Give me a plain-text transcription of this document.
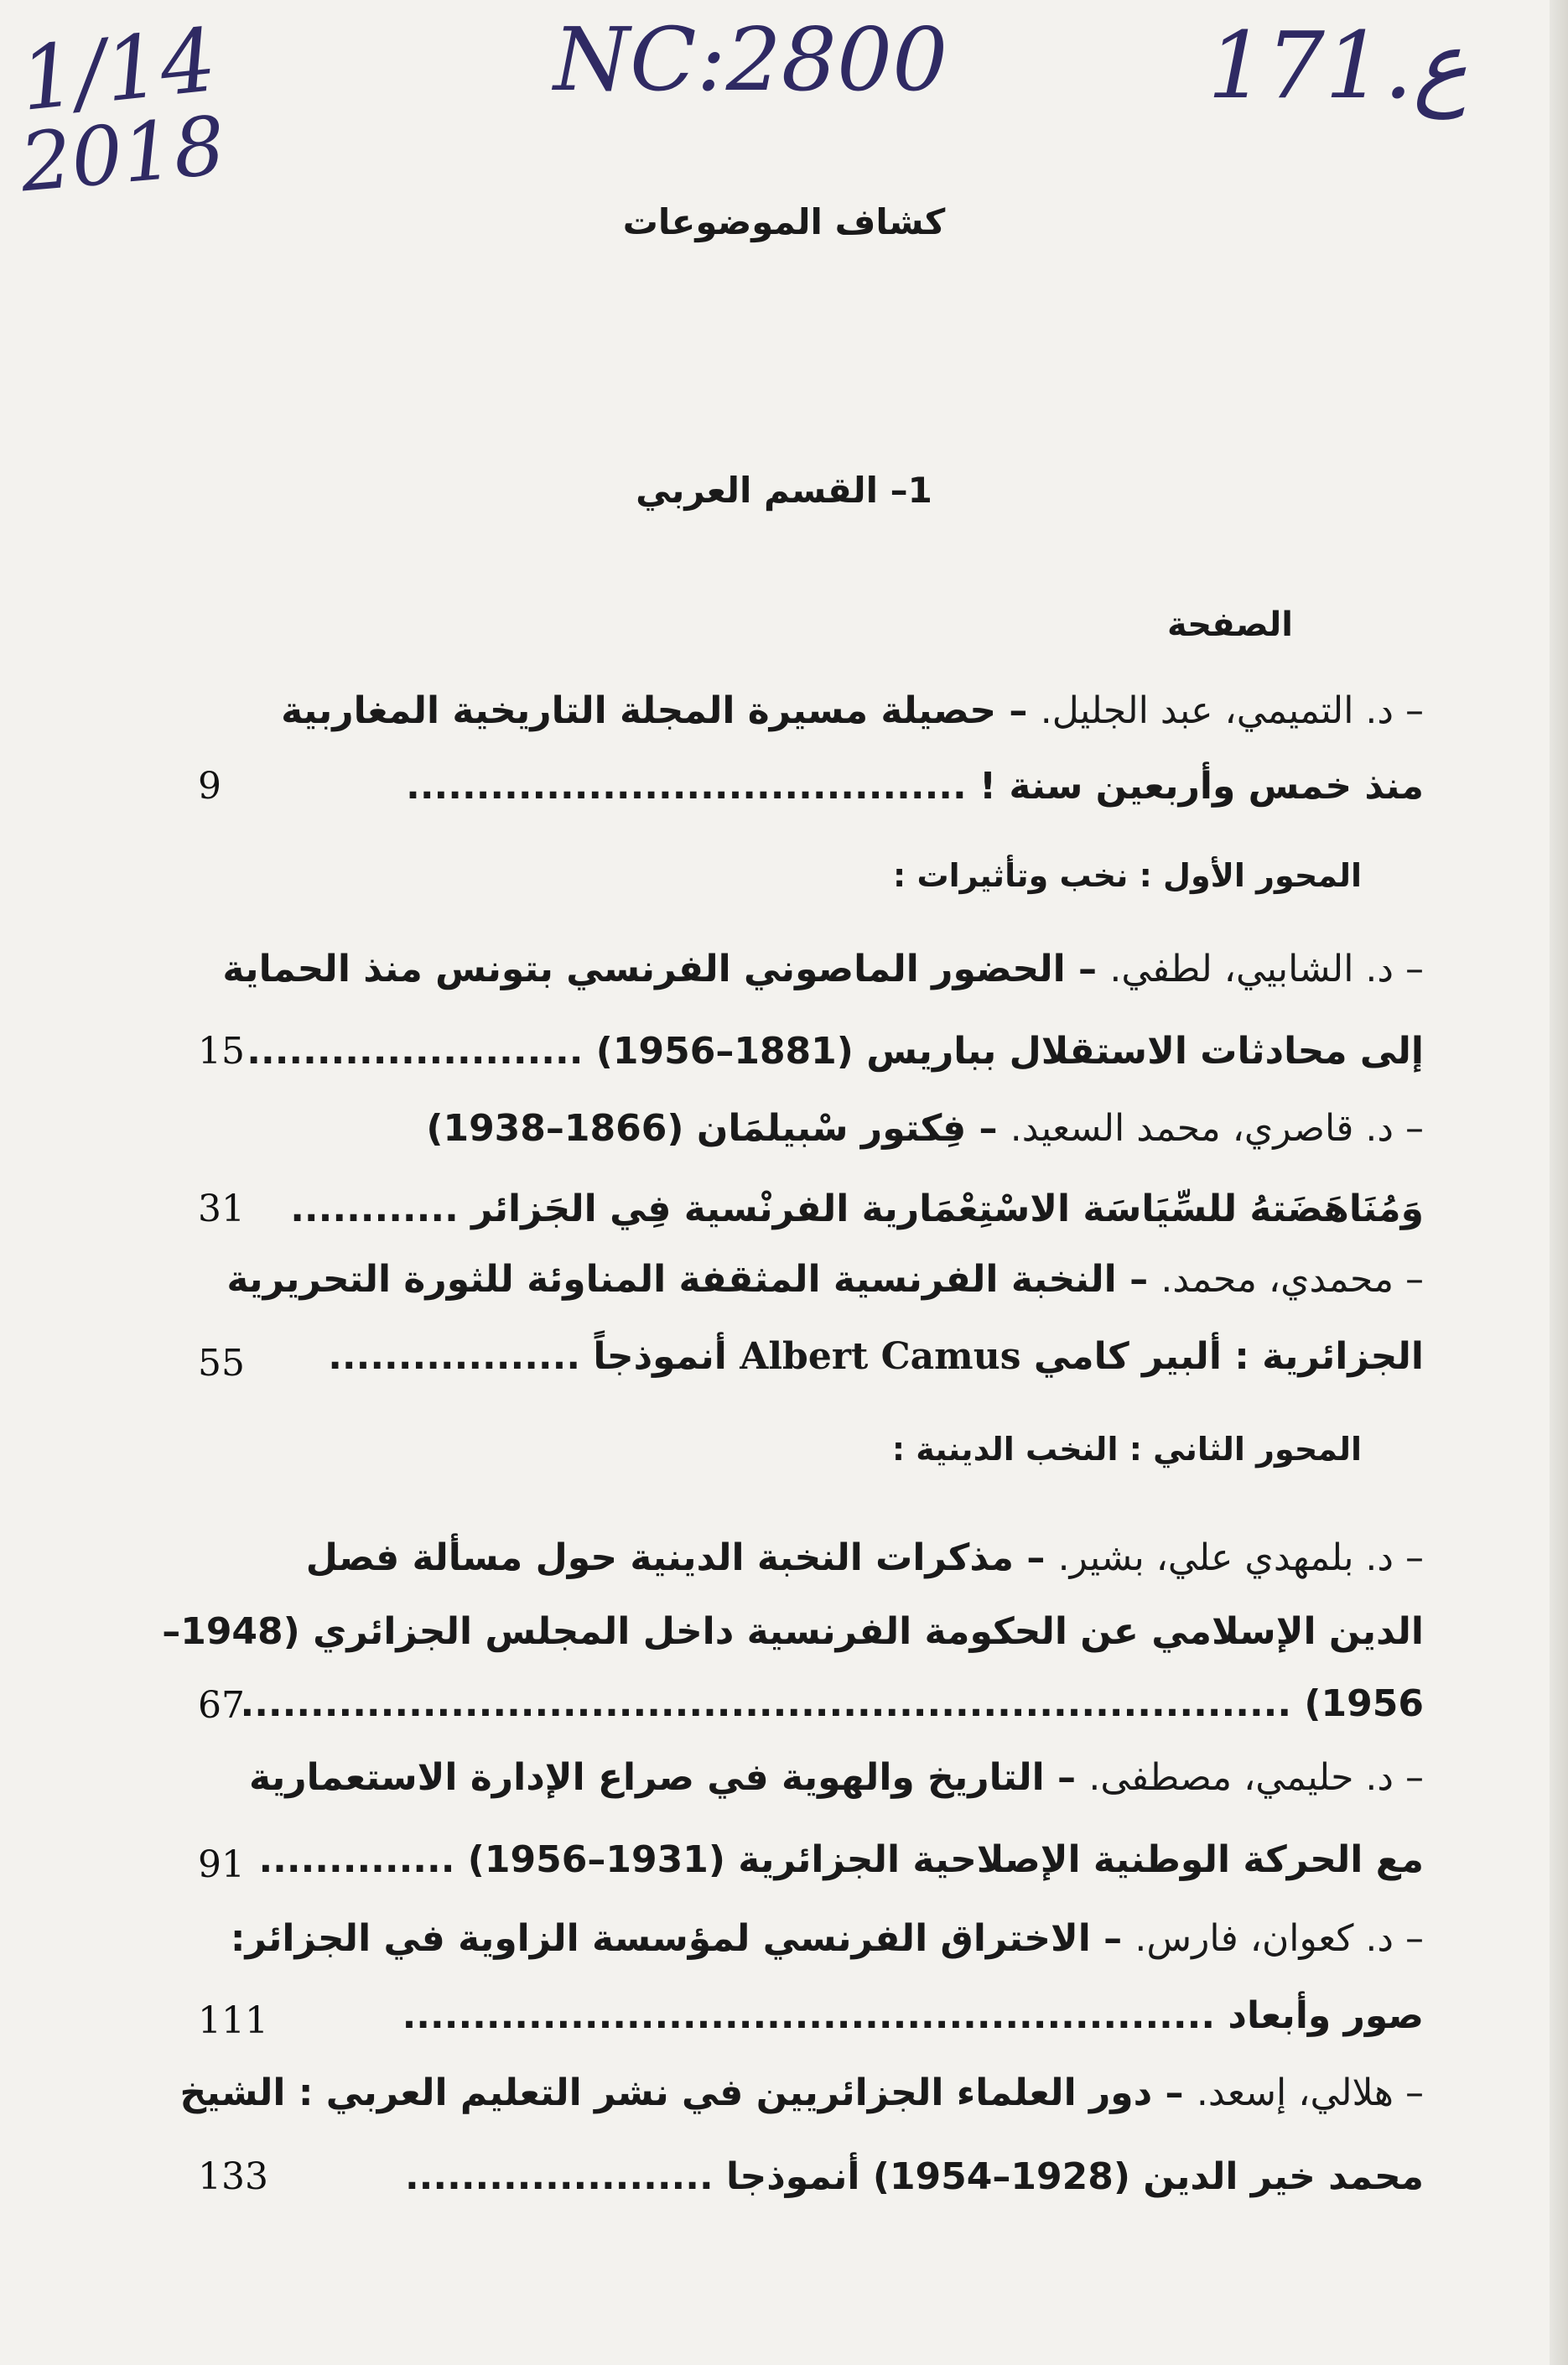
1/14
2018
NC:2800	171.ع
كشاف الموضوعات
1– القسم العربي
الصفحة
– د. التميمي، عبد الجليل. – حصيلة مسيرة المجلة التاريخية المغاربية
منذ خمس وأربعين سنة ! ........................................
9
المحور الأول : نخب وتأثيرات :
– د. الشابيي، لطفي. – الحضور الماصوني الفرنسي بتونس منذ الحماية
إلى محادثات الاستقلال بباريس (1881–1956) ........................
15
– د. قاصري، محمد السعيد. – فِكتور سْبيلمَان (1866–1938)
وَمُنَاهَضَتهُ للسِّيَاسَة الاسْتِعْمَارية الفرنْسية فِي الجَزائر ............
31
– محمدي، محمد. – النخبة الفرنسية المثقفة المناوئة للثورة التحريرية
الجزائرية : ألبير كامي Albert Camus أنموذجاً ..................
55
المحور الثاني : النخب الدينية :
– د. بلمهدي علي، بشير. – مذكرات النخبة الدينية حول مسألة فصل
الدين الإسلامي عن الحكومة الفرنسية داخل المجلس الجزائري (1948–
1956) ...........................................................................
67
– د. حليمي، مصطفى. – التاريخ والهوية في صراع الإدارة الاستعمارية
مع الحركة الوطنية الإصلاحية الجزائرية (1931–1956) ..............
91
– د. كعوان، فارس. – الاختراق الفرنسي لمؤسسة الزاوية في الجزائر:
صور وأبعاد ..........................................................
111
– هلالي، إسعد. – دور العلماء الجزائريين في نشر التعليم العربي : الشيخ
محمد خير الدين (1928–1954) أنموذجا ......................
133
